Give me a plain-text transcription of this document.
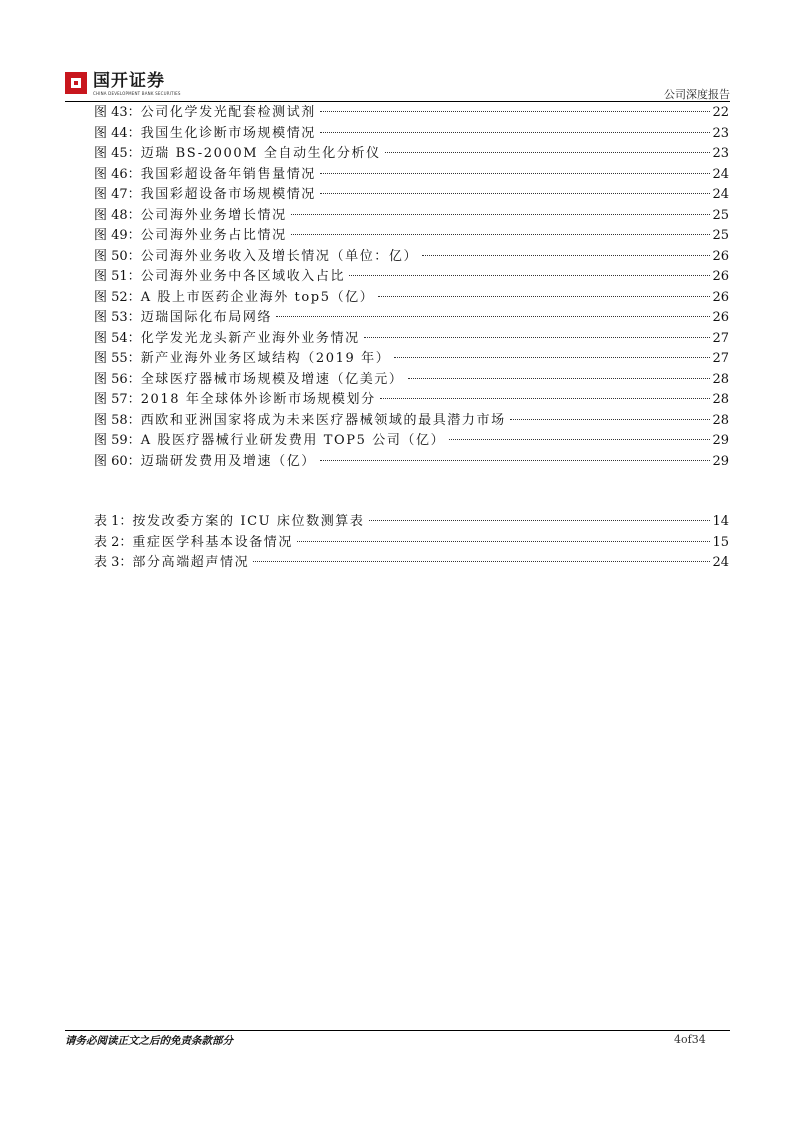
国开证券
CHINA DEVELOPMENT BANK SECURITIES	公司深度报告
图 43： 公司化学发光配套检测试剂	22
图 44： 我国生化诊断市场规模情况	23
图 45： 迈瑞 BS-2000M 全自动生化分析仪	23
图 46： 我国彩超设备年销售量情况	24
图 47： 我国彩超设备市场规模情况	24
图 48： 公司海外业务增长情况	25
图 49： 公司海外业务占比情况	25
图 50： 公司海外业务收入及增长情况（单位：亿）	26
图 51： 公司海外业务中各区域收入占比	26
图 52： A 股上市医药企业海外 top5（亿）	26
图 53： 迈瑞国际化布局网络	26
图 54： 化学发光龙头新产业海外业务情况	27
图 55： 新产业海外业务区域结构（2019 年）	27
图 56： 全球医疗器械市场规模及增速（亿美元）	28
图 57： 2018 年全球体外诊断市场规模划分	28
图 58： 西欧和亚洲国家将成为未来医疗器械领域的最具潜力市场	28
图 59： A 股医疗器械行业研发费用 TOP5 公司（亿）	29
图 60： 迈瑞研发费用及增速（亿）	29
表 1： 按发改委方案的 ICU 床位数测算表	14
表 2： 重症医学科基本设备情况	15
表 3： 部分高端超声情况	24
请务必阅读正文之后的免责条款部分	4of34
